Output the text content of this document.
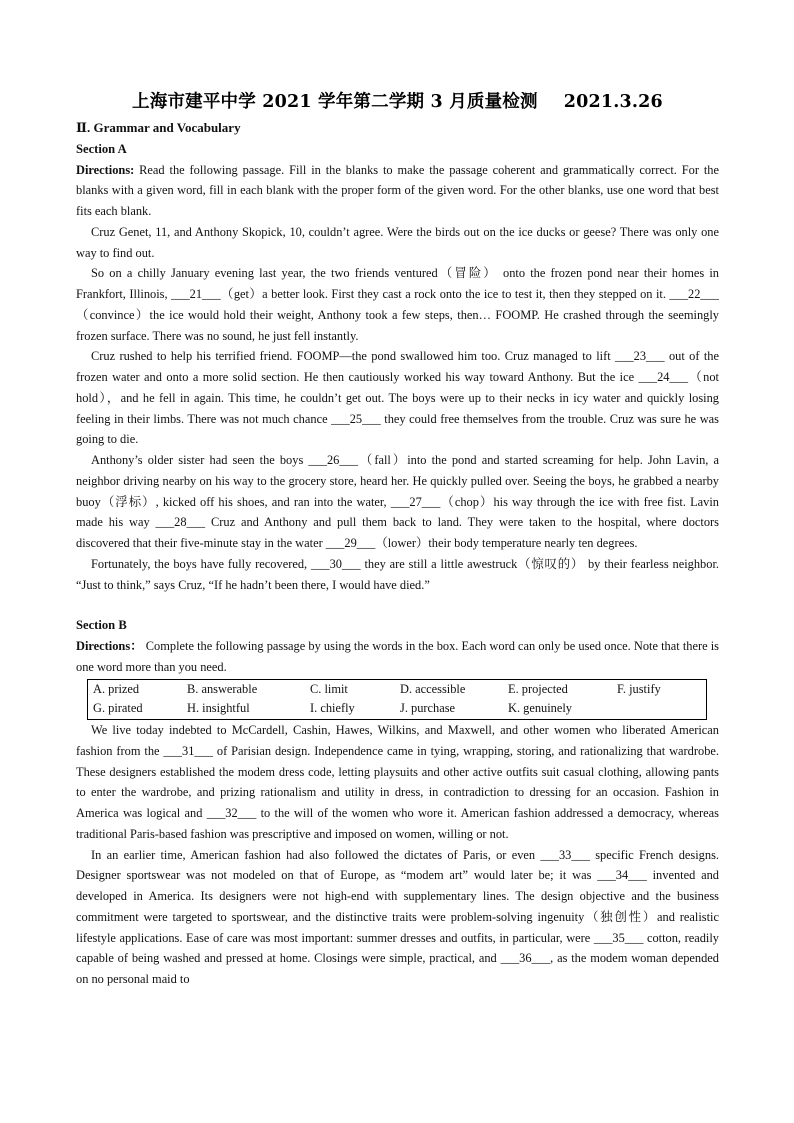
上海市建平中学 2021 学年第二学期 3 月质量检测 2021.3.26
Ⅱ. Grammar and Vocabulary
Section A

Directions: Read the following passage. Fill in the blanks to make the passage coherent and grammatically correct. For the blanks with a given word, fill in each blank with the proper form of the given word. For the other blanks, use one word that best fits each blank.

Cruz Genet, 11, and Anthony Skopick, 10, couldn’t agree. Were the birds out on the ice ducks or geese? There was only one way to find out.

So on a chilly January evening last year, the two friends ventured（冒险） onto the frozen pond near their homes in Frankfort, Illinois, ___21___（get）a better look. First they cast a rock onto the ice to test it, then they stepped on it. ___22___（convince）the ice would hold their weight, Anthony took a few steps, then… FOOMP. He crashed through the seemingly frozen surface. There was no sound, he just fell instantly.

Cruz rushed to help his terrified friend. FOOMP—the pond swallowed him too. Cruz managed to lift ___23___ out of the frozen water and onto a more solid section. He then cautiously worked his way toward Anthony. But the ice ___24___（not hold），and he fell in again. This time, he couldn’t get out. The boys were up to their necks in icy water and quickly losing feeling in their limbs. There was not much chance ___25___ they could free themselves from the trouble. Cruz was sure he was going to die.

Anthony’s older sister had seen the boys ___26___（fall）into the pond and started screaming for help. John Lavin, a neighbor driving nearby on his way to the grocery store, heard her. He quickly pulled over. Seeing the boys, he grabbed a nearby buoy（浮标）, kicked off his shoes, and ran into the water, ___27___（chop）his way through the ice with free fist. Lavin made his way ___28___ Cruz and Anthony and pull them back to land. They were taken to the hospital, where doctors discovered that their five-minute stay in the water ___29___（lower）their body temperature nearly ten degrees.

Fortunately, the boys have fully recovered, ___30___ they are still a little awestruck（惊叹的） by their fearless neighbor. “Just to think,” says Cruz, “If he hadn’t been there, I would have died.”

Section B

Directions： Complete the following passage by using the words in the box. Each word can only be used once. Note that there is one word more than you need.

A. prized	B. answerable	C. limit	D. accessible	E. projected	F. justify
G. pirated	H. insightful	I. chiefly	J. purchase	K. genuinely

We live today indebted to McCardell, Cashin, Hawes, Wilkins, and Maxwell, and other women who liberated American fashion from the ___31___ of Parisian design. Independence came in tying, wrapping, storing, and rationalizing that wardrobe. These designers established the modem dress code, letting playsuits and other active outfits suit casual clothing, allowing pants to enter the wardrobe, and prizing rationalism and utility in dress, in contradiction to dressing for an occasion. Fashion in America was logical and ___32___ to the will of the women who wore it. American fashion addressed a democracy, whereas traditional Paris-based fashion was prescriptive and imposed on women, willing or not.

In an earlier time, American fashion had also followed the dictates of Paris, or even ___33___ specific French designs. Designer sportswear was not modeled on that of Europe, as “modem art” would later be; it was ___34___ invented and developed in America. Its designers were not high-end with supplementary lines. The design objective and the business commitment were targeted to sportswear, and the distinctive traits were problem-solving ingenuity（独创性）and realistic lifestyle applications. Ease of care was most important: summer dresses and outfits, in particular, were ___35___ cotton, readily capable of being washed and pressed at home. Closings were simple, practical, and ___36___, as the modem woman depended on no personal maid to
